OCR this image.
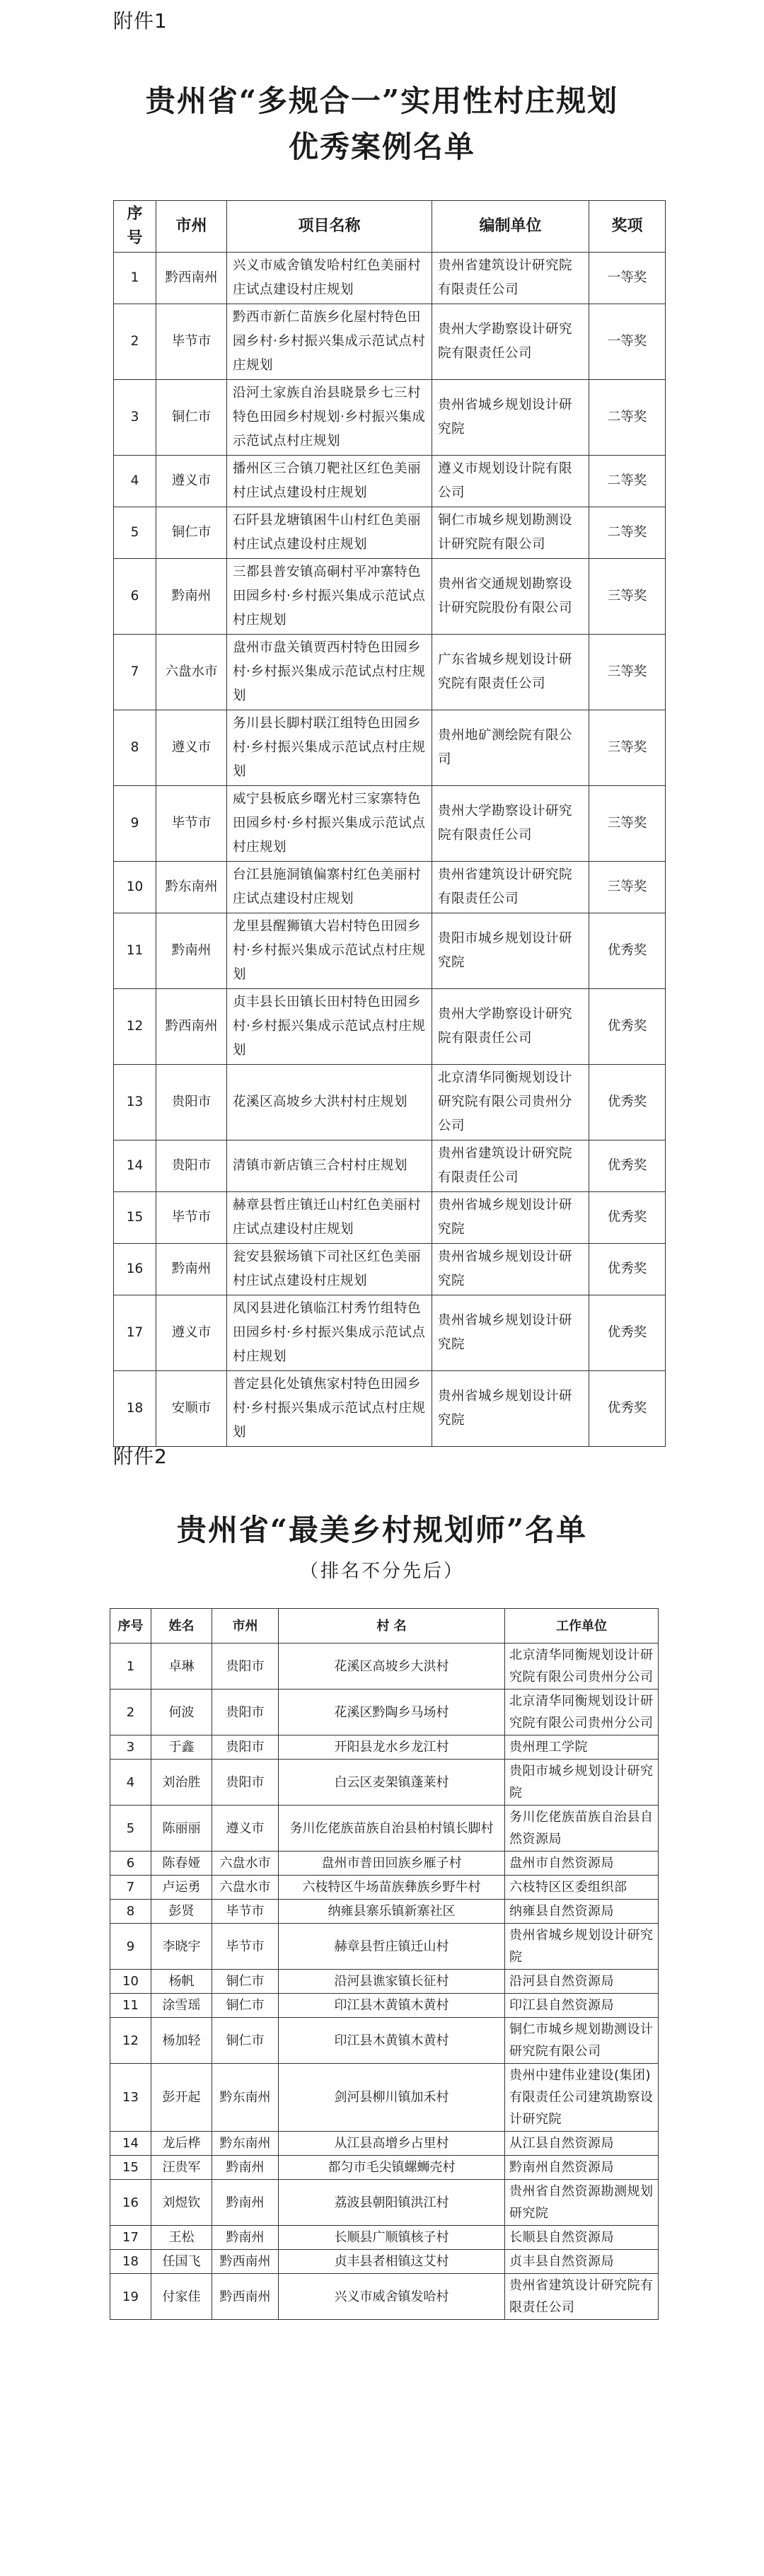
附件1
贵州省“多规合一”实用性村庄规划
优秀案例名单
序号	市州	项目名称	编制单位	奖项
1	黔西南州	兴义市威舍镇发哈村红色美丽村庄试点建设村庄规划	贵州省建筑设计研究院有限责任公司	一等奖
2	毕节市	黔西市新仁苗族乡化屋村特色田园乡村·乡村振兴集成示范试点村庄规划	贵州大学勘察设计研究院有限责任公司	一等奖
3	铜仁市	沿河土家族自治县晓景乡七三村特色田园乡村规划·乡村振兴集成示范试点村庄规划	贵州省城乡规划设计研究院	二等奖
4	遵义市	播州区三合镇刀靶社区红色美丽村庄试点建设村庄规划	遵义市规划设计院有限公司	二等奖
5	铜仁市	石阡县龙塘镇困牛山村红色美丽村庄试点建设村庄规划	铜仁市城乡规划勘测设计研究院有限公司	二等奖
6	黔南州	三都县普安镇高硐村平冲寨特色田园乡村·乡村振兴集成示范试点村庄规划	贵州省交通规划勘察设计研究院股份有限公司	三等奖
7	六盘水市	盘州市盘关镇贾西村特色田园乡村·乡村振兴集成示范试点村庄规划	广东省城乡规划设计研究院有限责任公司	三等奖
8	遵义市	务川县长脚村联江组特色田园乡村·乡村振兴集成示范试点村庄规划	贵州地矿测绘院有限公司	三等奖
9	毕节市	威宁县板底乡曙光村三家寨特色田园乡村·乡村振兴集成示范试点村庄规划	贵州大学勘察设计研究院有限责任公司	三等奖
10	黔东南州	台江县施洞镇偏寨村红色美丽村庄试点建设村庄规划	贵州省建筑设计研究院有限责任公司	三等奖
11	黔南州	龙里县醒狮镇大岩村特色田园乡村·乡村振兴集成示范试点村庄规划	贵阳市城乡规划设计研究院	优秀奖
12	黔西南州	贞丰县长田镇长田村特色田园乡村·乡村振兴集成示范试点村庄规划	贵州大学勘察设计研究院有限责任公司	优秀奖
13	贵阳市	花溪区高坡乡大洪村村庄规划	北京清华同衡规划设计研究院有限公司贵州分公司	优秀奖
14	贵阳市	清镇市新店镇三合村村庄规划	贵州省建筑设计研究院有限责任公司	优秀奖
15	毕节市	赫章县哲庄镇迁山村红色美丽村庄试点建设村庄规划	贵州省城乡规划设计研究院	优秀奖
16	黔南州	瓮安县猴场镇下司社区红色美丽村庄试点建设村庄规划	贵州省城乡规划设计研究院	优秀奖
17	遵义市	凤冈县进化镇临江村秀竹组特色田园乡村·乡村振兴集成示范试点村庄规划	贵州省城乡规划设计研究院	优秀奖
18	安顺市	普定县化处镇焦家村特色田园乡村·乡村振兴集成示范试点村庄规划	贵州省城乡规划设计研究院	优秀奖
附件2
贵州省“最美乡村规划师”名单
（排名不分先后）
序号	姓名	市州	村 名	工作单位
1	卓琳	贵阳市	花溪区高坡乡大洪村	北京清华同衡规划设计研究院有限公司贵州分公司
2	何波	贵阳市	花溪区黔陶乡马场村	北京清华同衡规划设计研究院有限公司贵州分公司
3	于鑫	贵阳市	开阳县龙水乡龙江村	贵州理工学院
4	刘治胜	贵阳市	白云区麦架镇蓬莱村	贵阳市城乡规划设计研究院
5	陈丽丽	遵义市	务川仡佬族苗族自治县柏村镇长脚村	务川仡佬族苗族自治县自然资源局
6	陈春娅	六盘水市	盘州市普田回族乡雁子村	盘州市自然资源局
7	卢运勇	六盘水市	六枝特区牛场苗族彝族乡野牛村	六枝特区区委组织部
8	彭贤	毕节市	纳雍县寨乐镇新寨社区	纳雍县自然资源局
9	李晓宇	毕节市	赫章县哲庄镇迁山村	贵州省城乡规划设计研究院
10	杨帆	铜仁市	沿河县谯家镇长征村	沿河县自然资源局
11	涂雪瑶	铜仁市	印江县木黄镇木黄村	印江县自然资源局
12	杨加轻	铜仁市	印江县木黄镇木黄村	铜仁市城乡规划勘测设计研究院有限公司
13	彭开起	黔东南州	剑河县柳川镇加禾村	贵州中建伟业建设(集团)有限责任公司建筑勘察设计研究院
14	龙后桦	黔东南州	从江县高增乡占里村	从江县自然资源局
15	汪贵军	黔南州	都匀市毛尖镇螺蛳壳村	黔南州自然资源局
16	刘煜钦	黔南州	荔波县朝阳镇洪江村	贵州省自然资源勘测规划研究院
17	王松	黔南州	长顺县广顺镇核子村	长顺县自然资源局
18	任国飞	黔西南州	贞丰县者相镇这艾村	贞丰县自然资源局
19	付家佳	黔西南州	兴义市威舍镇发哈村	贵州省建筑设计研究院有限责任公司
